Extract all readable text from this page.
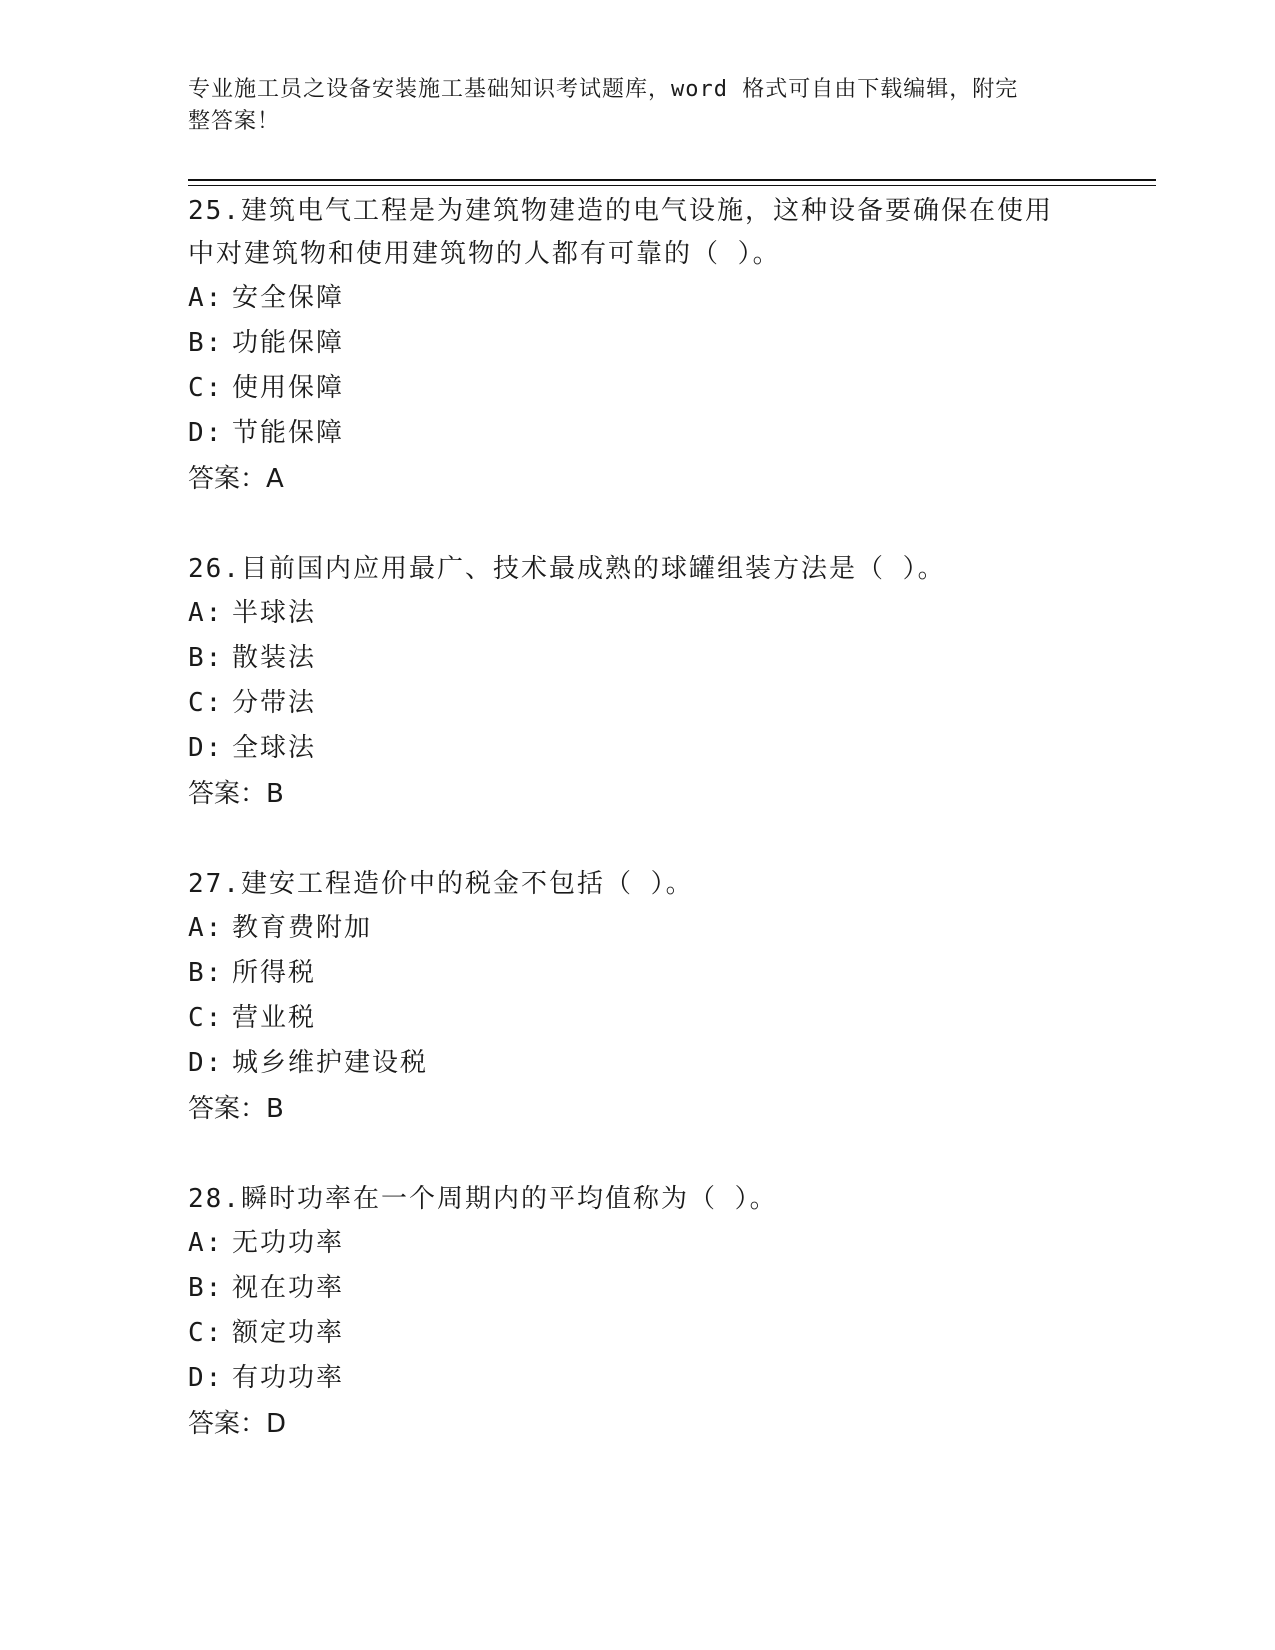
专业施工员之设备安装施工基础知识考试题库，word 格式可自由下载编辑，附完
整答案！

25.建筑电气工程是为建筑物建造的电气设施，这种设备要确保在使用
中对建筑物和使用建筑物的人都有可靠的（ ）。

A: 安全保障

B: 功能保障

C: 使用保障

D: 节能保障

答案：A

26.目前国内应用最广、技术最成熟的球罐组装方法是（ ）。

A: 半球法

B: 散装法

C: 分带法

D: 全球法

答案：B

27.建安工程造价中的税金不包括（ ）。

A: 教育费附加

B: 所得税

C: 营业税

D: 城乡维护建设税

答案：B

28.瞬时功率在一个周期内的平均值称为（ ）。

A: 无功功率

B: 视在功率

C: 额定功率

D: 有功功率

答案：D
